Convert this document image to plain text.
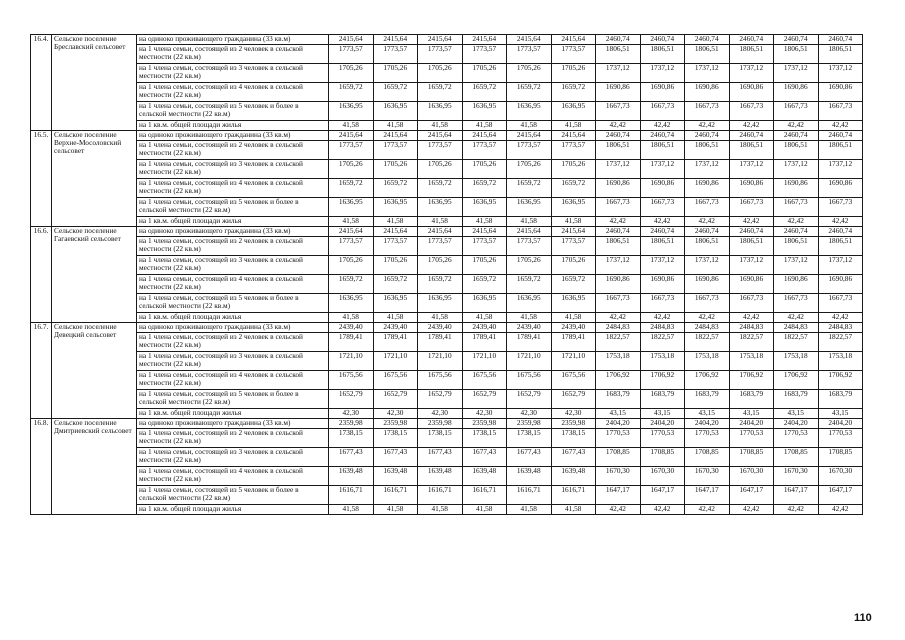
16.4.	Сельское поселение Бреславский сельсовет	на одиноко проживающего гражданина (33 кв.м)	2415,64	2415,64	2415,64	2415,64	2415,64	2415,64	2460,74	2460,74	2460,74	2460,74	2460,74	2460,74
		на 1 члена семьи, состоящей из 2 человек в сельской местности (22 кв.м)	1773,57	1773,57	1773,57	1773,57	1773,57	1773,57	1806,51	1806,51	1806,51	1806,51	1806,51	1806,51
		на 1 члена семьи, состоящей из 3 человек в сельской местности (22 кв.м)	1705,26	1705,26	1705,26	1705,26	1705,26	1705,26	1737,12	1737,12	1737,12	1737,12	1737,12	1737,12
		на 1 члена семьи, состоящей из 4 человек в сельской местности (22 кв.м)	1659,72	1659,72	1659,72	1659,72	1659,72	1659,72	1690,86	1690,86	1690,86	1690,86	1690,86	1690,86
		на 1 члена семьи, состоящей из 5 человек и более в сельской местности (22 кв.м)	1636,95	1636,95	1636,95	1636,95	1636,95	1636,95	1667,73	1667,73	1667,73	1667,73	1667,73	1667,73
		на 1 кв.м. общей площади жилья	41,58	41,58	41,58	41,58	41,58	41,58	42,42	42,42	42,42	42,42	42,42	42,42
16.5.	Сельское поселение Верхне-Мосоловский сельсовет	на одиноко проживающего гражданина (33 кв.м)	2415,64	2415,64	2415,64	2415,64	2415,64	2415,64	2460,74	2460,74	2460,74	2460,74	2460,74	2460,74
		на 1 члена семьи, состоящей из 2 человек в сельской местности (22 кв.м)	1773,57	1773,57	1773,57	1773,57	1773,57	1773,57	1806,51	1806,51	1806,51	1806,51	1806,51	1806,51
		на 1 члена семьи, состоящей из 3 человек в сельской местности (22 кв.м)	1705,26	1705,26	1705,26	1705,26	1705,26	1705,26	1737,12	1737,12	1737,12	1737,12	1737,12	1737,12
		на 1 члена семьи, состоящей из 4 человек в сельской местности (22 кв.м)	1659,72	1659,72	1659,72	1659,72	1659,72	1659,72	1690,86	1690,86	1690,86	1690,86	1690,86	1690,86
		на 1 члена семьи, состоящей из 5 человек и более в сельской местности (22 кв.м)	1636,95	1636,95	1636,95	1636,95	1636,95	1636,95	1667,73	1667,73	1667,73	1667,73	1667,73	1667,73
		на 1 кв.м. общей площади жилья	41,58	41,58	41,58	41,58	41,58	41,58	42,42	42,42	42,42	42,42	42,42	42,42
16.6.	Сельское поселение Гагаевский сельсовет	на одиноко проживающего гражданина (33 кв.м)	2415,64	2415,64	2415,64	2415,64	2415,64	2415,64	2460,74	2460,74	2460,74	2460,74	2460,74	2460,74
		на 1 члена семьи, состоящей из 2 человек в сельской местности (22 кв.м)	1773,57	1773,57	1773,57	1773,57	1773,57	1773,57	1806,51	1806,51	1806,51	1806,51	1806,51	1806,51
		на 1 члена семьи, состоящей из 3 человек в сельской местности (22 кв.м)	1705,26	1705,26	1705,26	1705,26	1705,26	1705,26	1737,12	1737,12	1737,12	1737,12	1737,12	1737,12
		на 1 члена семьи, состоящей из 4 человек в сельской местности (22 кв.м)	1659,72	1659,72	1659,72	1659,72	1659,72	1659,72	1690,86	1690,86	1690,86	1690,86	1690,86	1690,86
		на 1 члена семьи, состоящей из 5 человек и более в сельской местности (22 кв.м)	1636,95	1636,95	1636,95	1636,95	1636,95	1636,95	1667,73	1667,73	1667,73	1667,73	1667,73	1667,73
		на 1 кв.м. общей площади жилья	41,58	41,58	41,58	41,58	41,58	41,58	42,42	42,42	42,42	42,42	42,42	42,42
16.7.	Сельское поселение Девецкий сельсовет	на одиноко проживающего гражданина (33 кв.м)	2439,40	2439,40	2439,40	2439,40	2439,40	2439,40	2484,83	2484,83	2484,83	2484,83	2484,83	2484,83
		на 1 члена семьи, состоящей из 2 человек в сельской местности (22 кв.м)	1789,41	1789,41	1789,41	1789,41	1789,41	1789,41	1822,57	1822,57	1822,57	1822,57	1822,57	1822,57
		на 1 члена семьи, состоящей из 3 человек в сельской местности (22 кв.м)	1721,10	1721,10	1721,10	1721,10	1721,10	1721,10	1753,18	1753,18	1753,18	1753,18	1753,18	1753,18
		на 1 члена семьи, состоящей из 4 человек в сельской местности (22 кв.м)	1675,56	1675,56	1675,56	1675,56	1675,56	1675,56	1706,92	1706,92	1706,92	1706,92	1706,92	1706,92
		на 1 члена семьи, состоящей из 5 человек и более в сельской местности (22 кв.м)	1652,79	1652,79	1652,79	1652,79	1652,79	1652,79	1683,79	1683,79	1683,79	1683,79	1683,79	1683,79
		на 1 кв.м. общей площади жилья	42,30	42,30	42,30	42,30	42,30	42,30	43,15	43,15	43,15	43,15	43,15	43,15
16.8.	Сельское поселение Дмитриевский сельсовет	на одиноко проживающего гражданина (33 кв.м)	2359,98	2359,98	2359,98	2359,98	2359,98	2359,98	2404,20	2404,20	2404,20	2404,20	2404,20	2404,20
		на 1 члена семьи, состоящей из 2 человек в сельской местности (22 кв.м)	1738,15	1738,15	1738,15	1738,15	1738,15	1738,15	1770,53	1770,53	1770,53	1770,53	1770,53	1770,53
		на 1 члена семьи, состоящей из 3 человек в сельской местности (22 кв.м)	1677,43	1677,43	1677,43	1677,43	1677,43	1677,43	1708,85	1708,85	1708,85	1708,85	1708,85	1708,85
		на 1 члена семьи, состоящей из 4 человек в сельской местности (22 кв.м)	1639,48	1639,48	1639,48	1639,48	1639,48	1639,48	1670,30	1670,30	1670,30	1670,30	1670,30	1670,30
		на 1 члена семьи, состоящей из 5 человек и более в сельской местности (22 кв.м)	1616,71	1616,71	1616,71	1616,71	1616,71	1616,71	1647,17	1647,17	1647,17	1647,17	1647,17	1647,17
		на 1 кв.м. общей площади жилья	41,58	41,58	41,58	41,58	41,58	41,58	42,42	42,42	42,42	42,42	42,42	42,42
110
